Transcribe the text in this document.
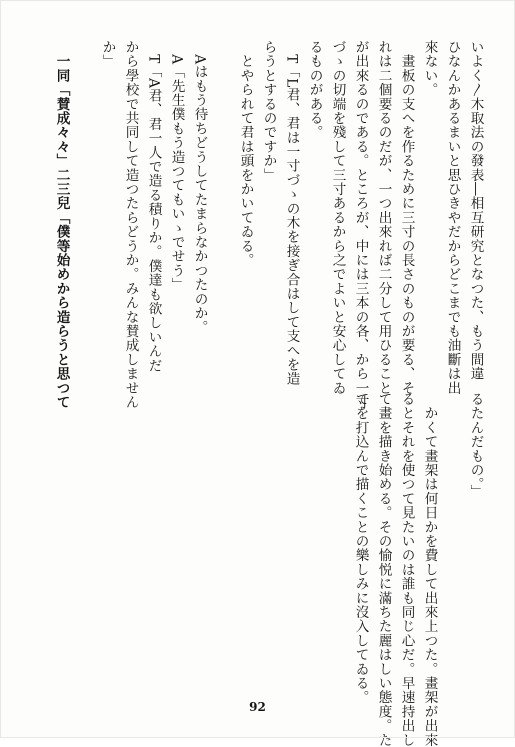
いよく〳木取法の發表―相互研究となつた、もう間違
ひなんかあるまいと思ひきやだからどこまでも油斷は出
來ない。
　畫板の支へを作るために三寸の長さのものが要る、そ
れは二個要るのだが、一つ出來れば二分して用ひること
が出來るのである。ところが、中には三本の各、から一寸
づゝの切端を殘して三寸あるから之でよいと安心してゐ
るものがある。
　T「L君、君は一寸づゝの木を接ぎ合はして支へを造
らうとするのですか」
　とやられて君は頭をかいてゐる。
　Aはもう待ちどうしてたまらなかつたのか。
　A「先生僕もう造つてもいゝでせう」
　T「A君、君一人で造る積りか。僕達も欲しいんだ
から學校で共同して造つたらどうか。みんな賛成しません
か」
　一同「賛成々々」二三兒「僕等始めから造らうと思つて
るたんだもの。」
　かくて畫架は何日かを費して出來上つた。畫架が出來
るとそれを使つて見たいのは誰も同じ心だ。早速持出し
て畫を描き始める。その愉悦に滿ちた麗はしい態度。た
てを打込んで描くことの樂しみに沒入してゐる。
92
